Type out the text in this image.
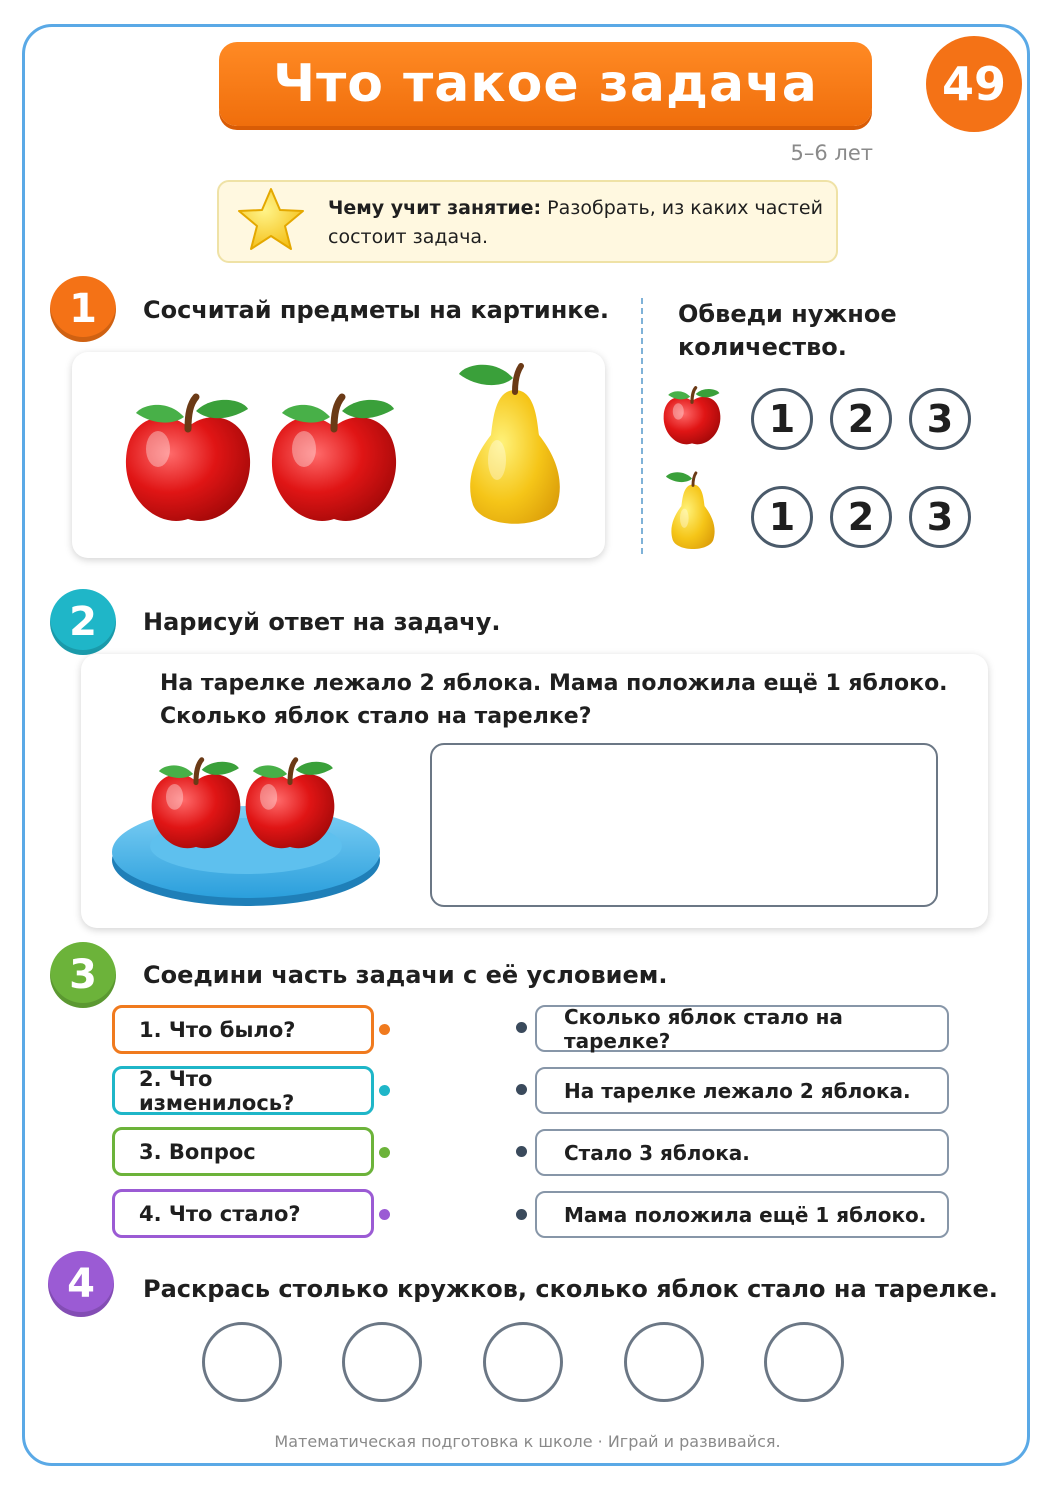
Что такое задача	49
5–6 лет
Чему учит занятие: Разобрать, из каких частей состоит задача.
1	Сосчитай предметы на картинке.	Обведи нужное количество.
1	2	3
1	2	3
2	Нарисуй ответ на задачу.
На тарелке лежало 2 яблока. Мама положила ещё 1 яблоко.
Сколько яблок стало на тарелке?
3	Соедини часть задачи с её условием.
1. Что было?
2. Что изменилось?
3. Вопрос
4. Что стало?
Сколько яблок стало на тарелке?
На тарелке лежало 2 яблока.
Стало 3 яблока.
Мама положила ещё 1 яблоко.
4	Раскрась столько кружков, сколько яблок стало на тарелке.
Математическая подготовка к школе · Играй и развивайся.
